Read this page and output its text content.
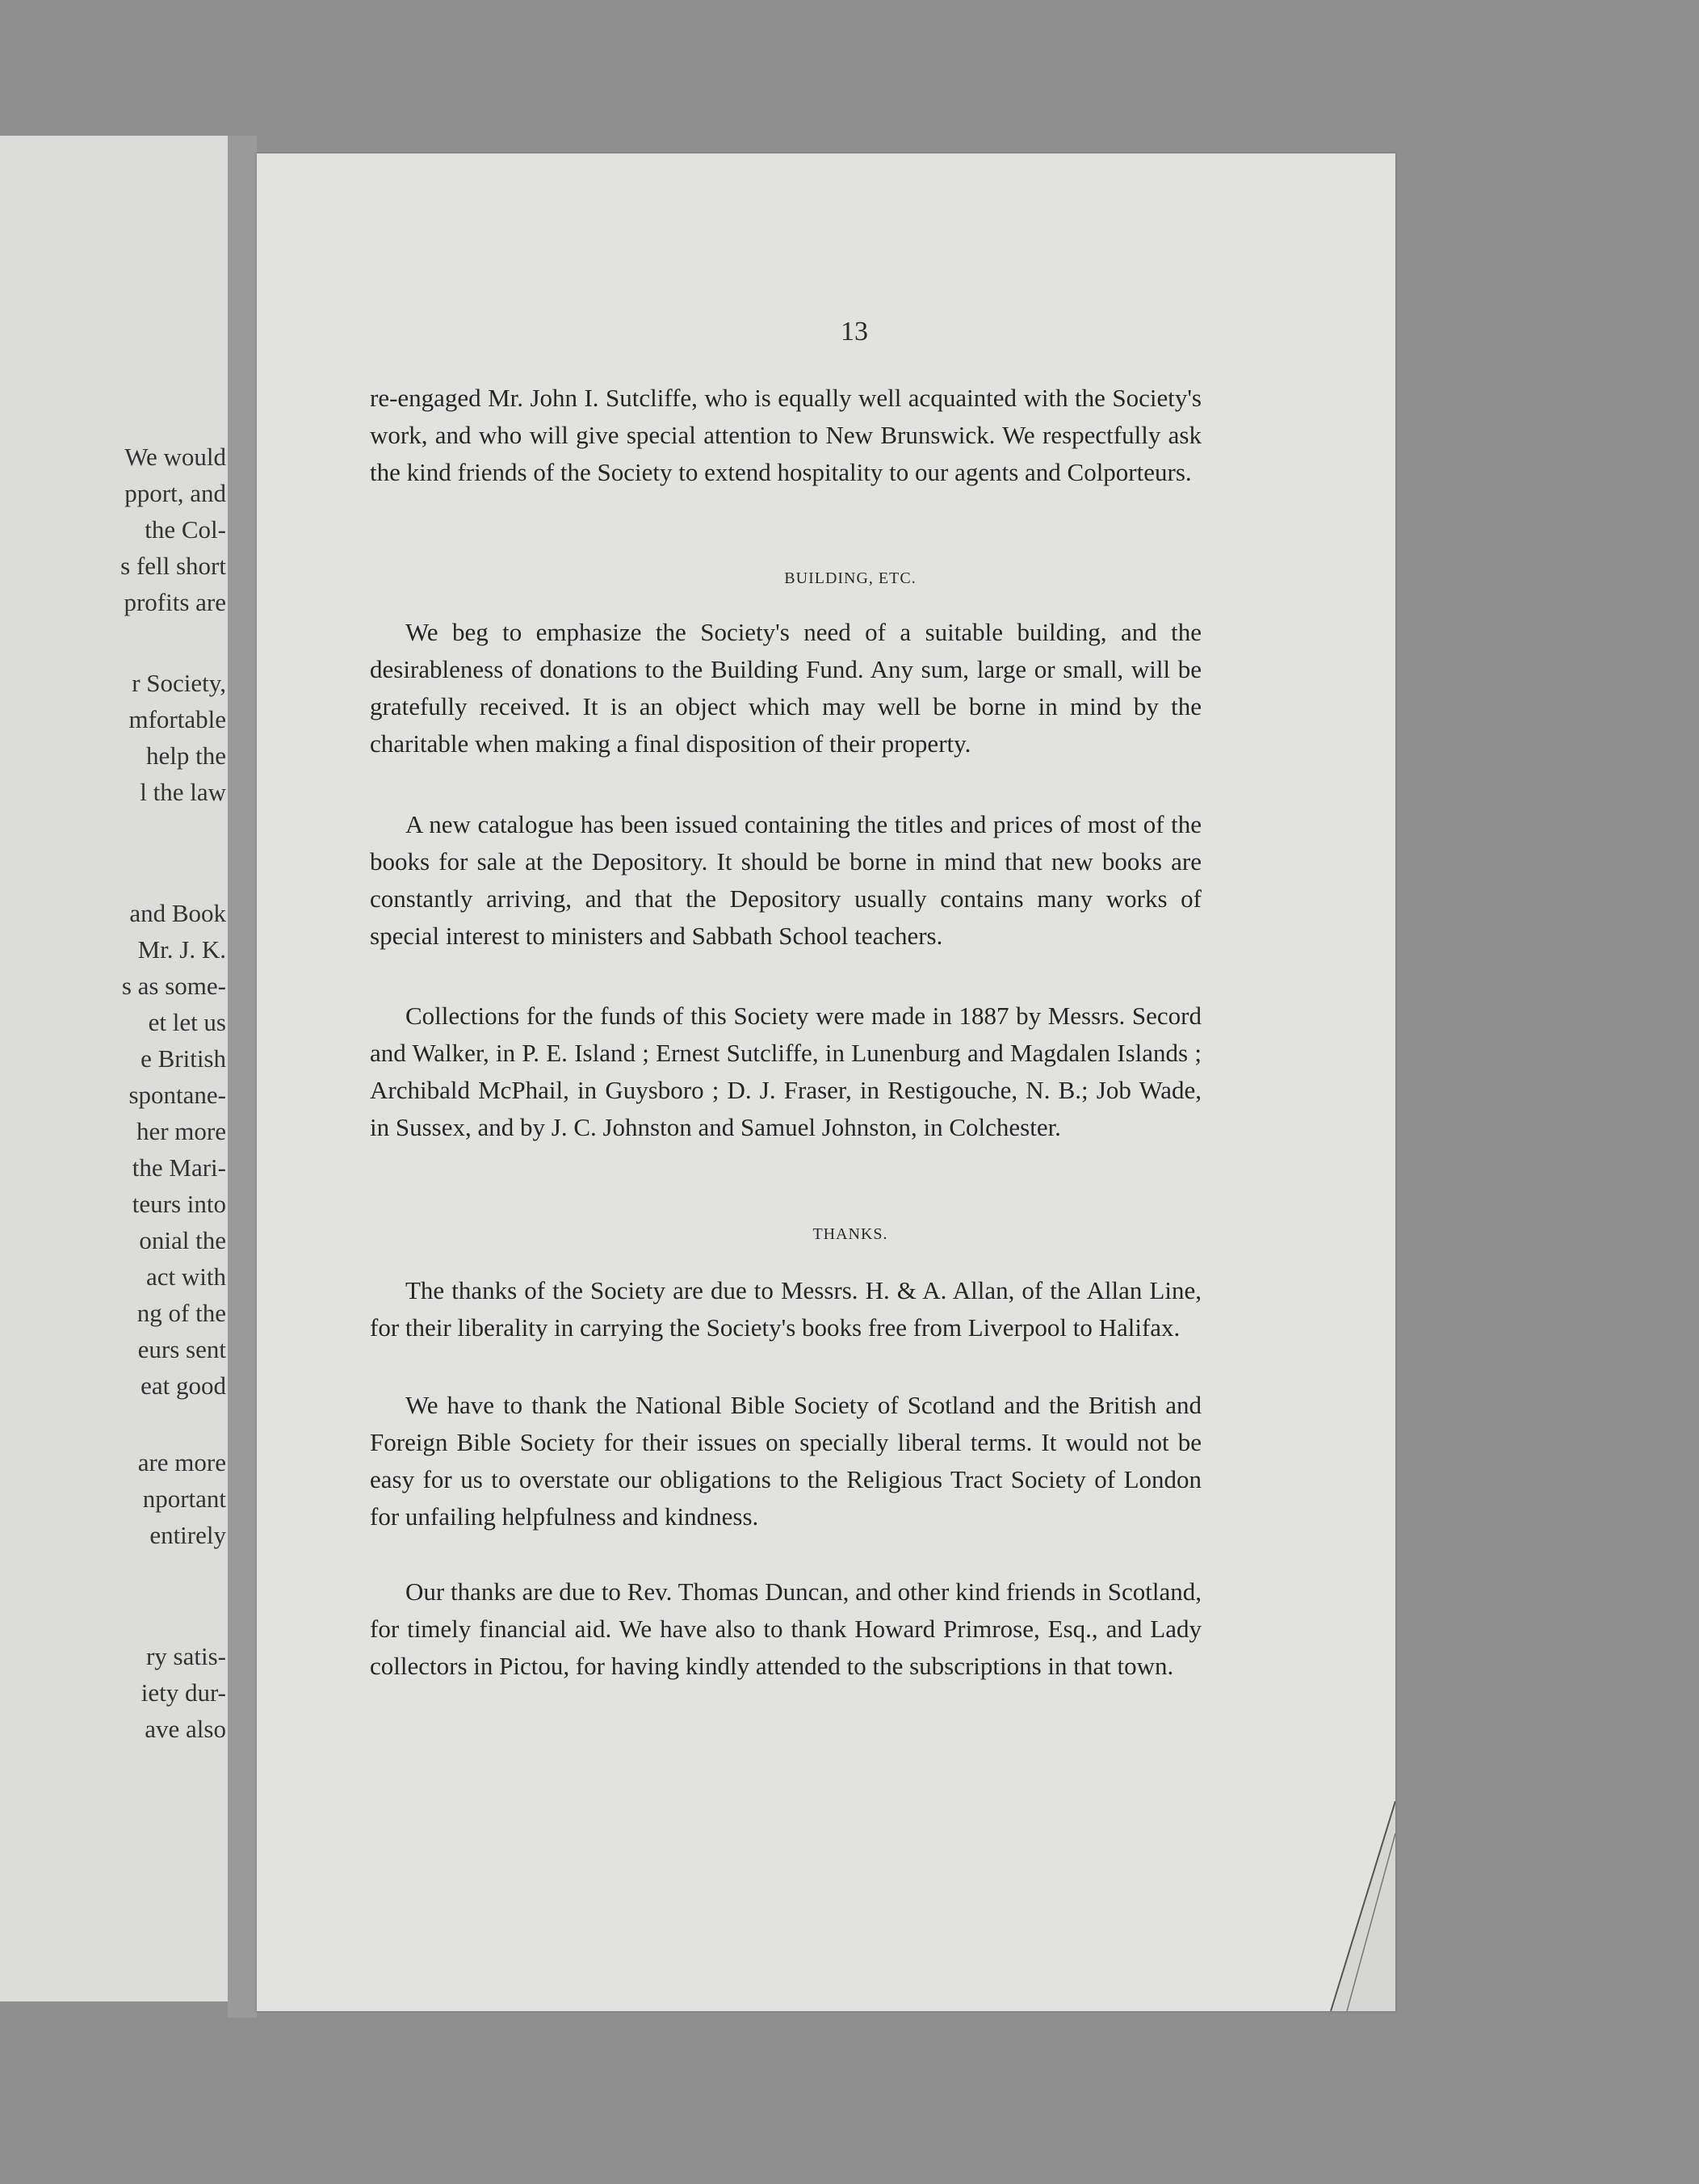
We would
pport, and
the Col-
s fell short
profits are
r Society,
mfortable
help the
l the law
and Book
Mr. J. K.
s as some-
et let us
e British
spontane-
her more
the Mari-
teurs into
onial the
act with
ng of the
eurs sent
eat good
are more
nportant
entirely
ry satis-
iety dur-
ave also
13

re-engaged Mr. John I. Sutcliffe, who is equally well acquainted with the Society's work, and who will give special attention to New Brunswick. We respectfully ask the kind friends of the Society to extend hospitality to our agents and Colporteurs.

BUILDING, ETC.

We beg to emphasize the Society's need of a suitable building, and the desirableness of donations to the Building Fund. Any sum, large or small, will be gratefully received. It is an object which may well be borne in mind by the charitable when making a final disposition of their property.

A new catalogue has been issued containing the titles and prices of most of the books for sale at the Depository. It should be borne in mind that new books are constantly arriving, and that the Depository usually contains many works of special interest to ministers and Sabbath School teachers.

Collections for the funds of this Society were made in 1887 by Messrs. Secord and Walker, in P. E. Island ; Ernest Sutcliffe, in Lunenburg and Magdalen Islands ; Archibald McPhail, in Guysboro ; D. J. Fraser, in Restigouche, N. B.; Job Wade, in Sussex, and by J. C. Johnston and Samuel Johnston, in Colchester.

THANKS.

The thanks of the Society are due to Messrs. H. & A. Allan, of the Allan Line, for their liberality in carrying the Society's books free from Liverpool to Halifax.

We have to thank the National Bible Society of Scotland and the British and Foreign Bible Society for their issues on specially liberal terms. It would not be easy for us to overstate our obligations to the Religious Tract Society of London for unfailing helpfulness and kindness.

Our thanks are due to Rev. Thomas Duncan, and other kind friends in Scotland, for timely financial aid. We have also to thank Howard Primrose, Esq., and Lady collectors in Pictou, for having kindly attended to the subscriptions in that town.
